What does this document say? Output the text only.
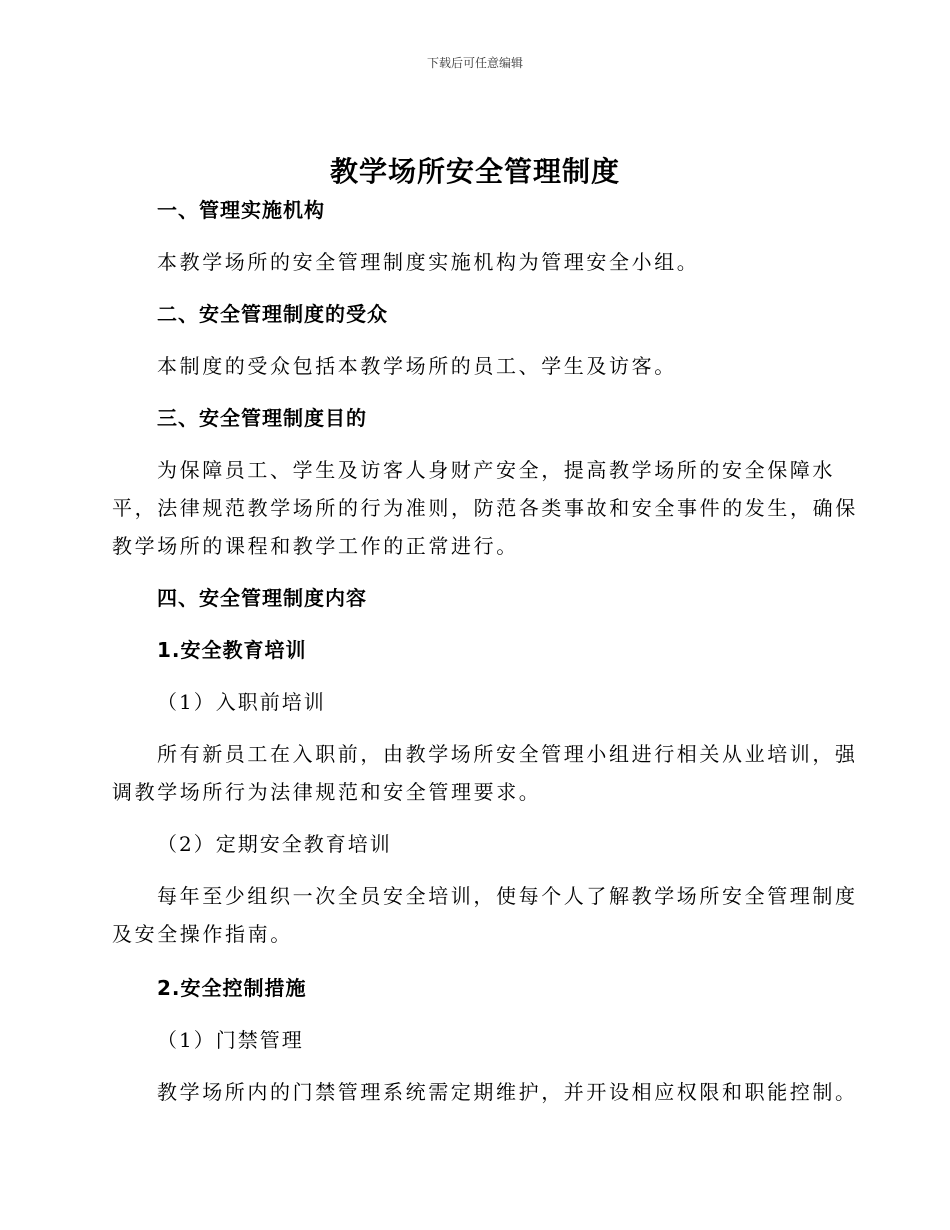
下载后可任意编辑
教学场所安全管理制度
一、管理实施机构
本教学场所的安全管理制度实施机构为管理安全小组。
二、安全管理制度的受众
本制度的受众包括本教学场所的员工、学生及访客。
三、安全管理制度目的
为保障员工、学生及访客人身财产安全，提高教学场所的安全保障水
平，法律规范教学场所的行为准则，防范各类事故和安全事件的发生，确保
教学场所的课程和教学工作的正常进行。
四、安全管理制度内容
1.安全教育培训
（1）入职前培训
所有新员工在入职前，由教学场所安全管理小组进行相关从业培训，强
调教学场所行为法律规范和安全管理要求。
（2）定期安全教育培训
每年至少组织一次全员安全培训，使每个人了解教学场所安全管理制度
及安全操作指南。
2.安全控制措施
（1）门禁管理
教学场所内的门禁管理系统需定期维护，并开设相应权限和职能控制。
